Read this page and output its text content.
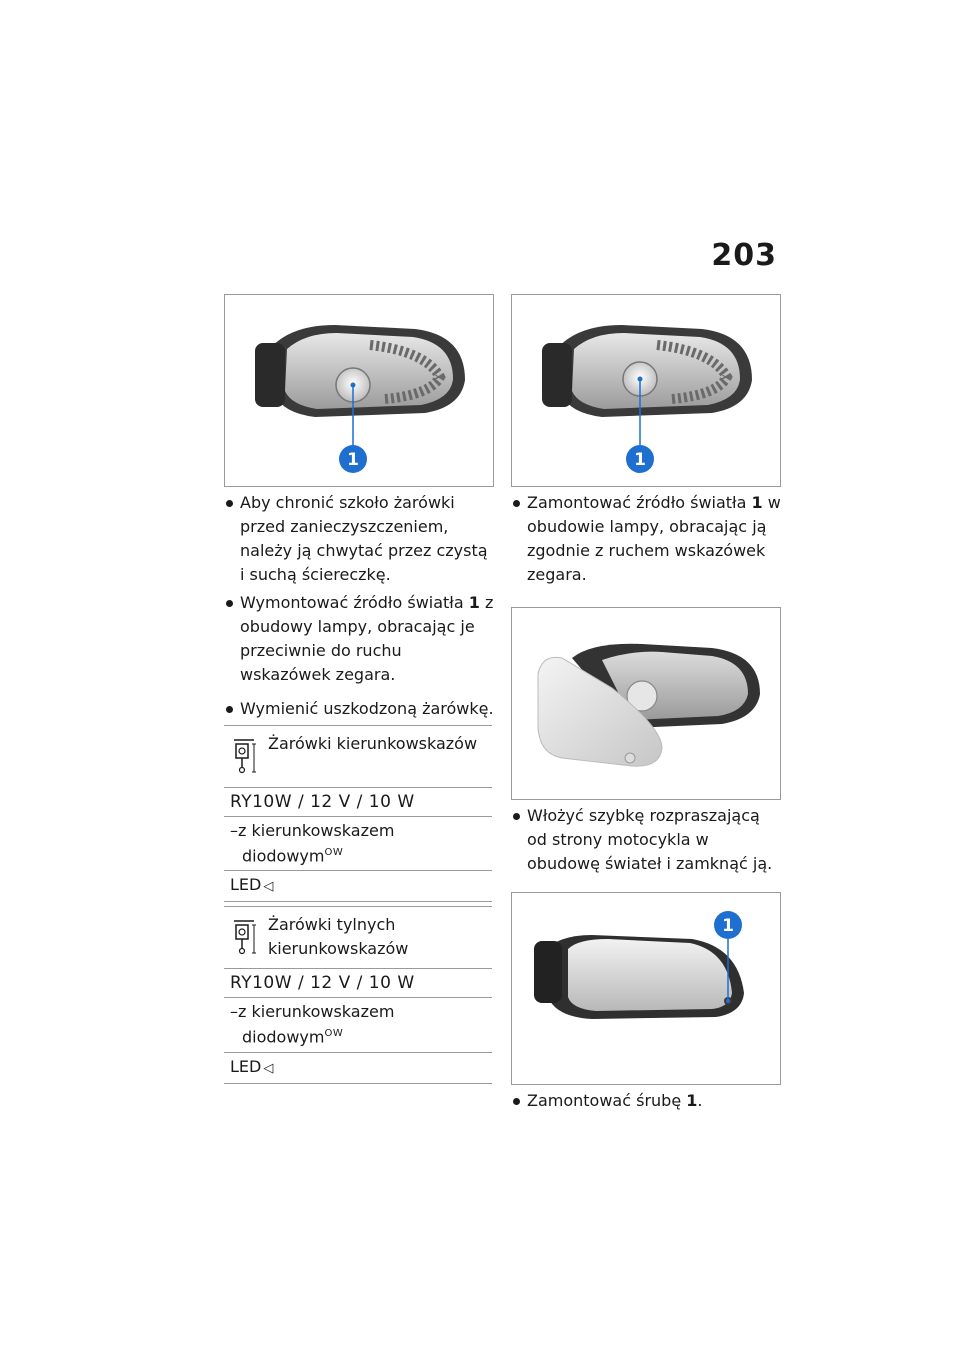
203
1
Aby chronić szkoło żarówki przed zanieczyszczeniem, należy ją chwytać przez czystą i suchą ściereczkę.
Wymontować źródło światła 1 z obudowy lampy, obracając je przeciwnie do ruchu wskazówek zegara.
Wymienić uszkodzoną żarówkę.
Żarówki kierunkowskazów
RY10W / 12 V / 10 W
–z kierunkowskazem diodowym$^{OW}$
LED ◁
Żarówki tylnych kierunkowskazów
RY10W / 12 V / 10 W
–z kierunkowskazem diodowym$^{OW}$
LED ◁
1
Zamontować źródło światła 1 w obudowie lampy, obracając ją zgodnie z ruchem wskazówek zegara.
Włożyć szybkę rozpraszającą od strony motocykla w obudowę świateł i zamknąć ją.
1
Zamontować śrubę 1.
